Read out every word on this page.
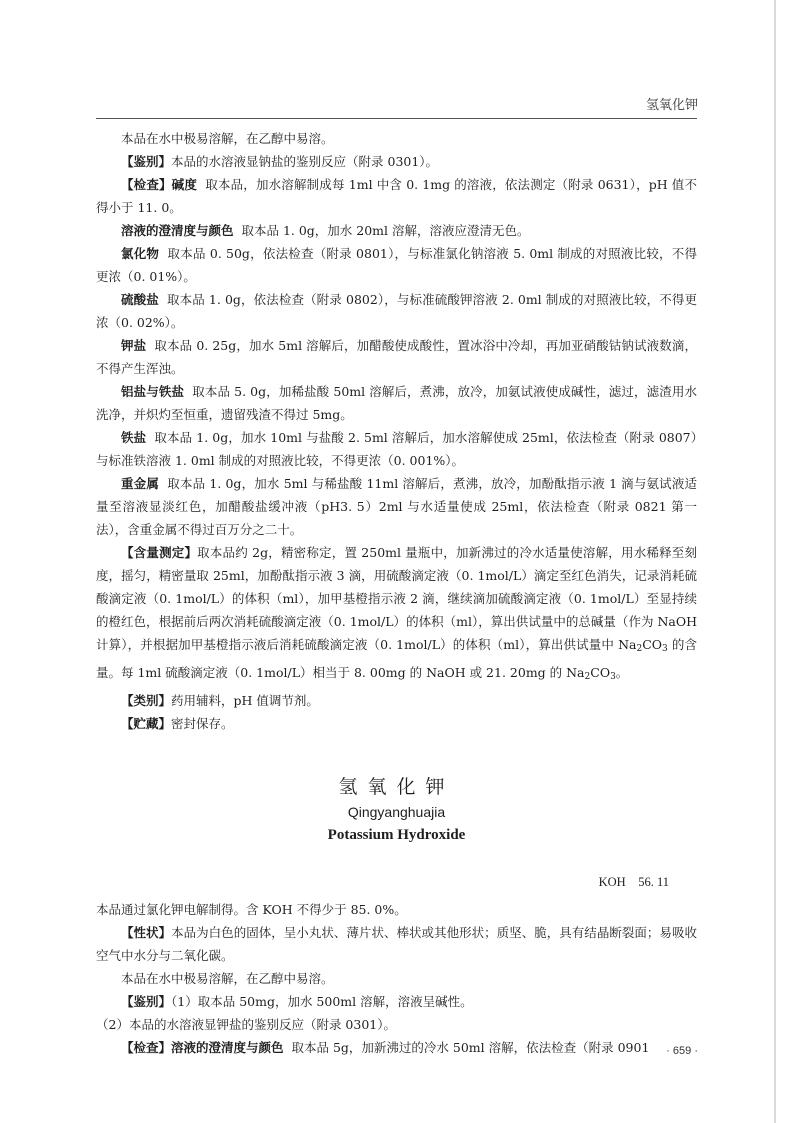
氢氧化钾

本品在水中极易溶解，在乙醇中易溶。

【鉴别】本品的水溶液显钠盐的鉴别反应（附录 0301）。

【检查】碱度 取本品，加水溶解制成每 1ml 中含 0. 1mg 的溶液，依法测定（附录 0631），pH 值不得小于 11. 0。

溶液的澄清度与颜色 取本品 1. 0g，加水 20ml 溶解，溶液应澄清无色。

氯化物 取本品 0. 50g，依法检查（附录 0801），与标准氯化钠溶液 5. 0ml 制成的对照液比较，不得更浓（0. 01%）。

硫酸盐 取本品 1. 0g，依法检查（附录 0802），与标准硫酸钾溶液 2. 0ml 制成的对照液比较，不得更浓（0. 02%）。

钾盐 取本品 0. 25g，加水 5ml 溶解后，加醋酸使成酸性，置冰浴中冷却，再加亚硝酸钴钠试液数滴，不得产生浑浊。

铝盐与铁盐 取本品 5. 0g，加稀盐酸 50ml 溶解后，煮沸，放冷，加氨试液使成碱性，滤过，滤渣用水洗净，并炽灼至恒重，遗留残渣不得过 5mg。

铁盐 取本品 1. 0g，加水 10ml 与盐酸 2. 5ml 溶解后，加水溶解使成 25ml，依法检查（附录 0807）与标准铁溶液 1. 0ml 制成的对照液比较，不得更浓（0. 001%）。

重金属 取本品 1. 0g，加水 5ml 与稀盐酸 11ml 溶解后，煮沸，放冷，加酚酞指示液 1 滴与氨试液适量至溶液显淡红色，加醋酸盐缓冲液（pH3. 5）2ml 与水适量使成 25ml，依法检查（附录 0821 第一法），含重金属不得过百万分之二十。

【含量测定】取本品约 2g，精密称定，置 250ml 量瓶中，加新沸过的冷水适量使溶解，用水稀释至刻度，摇匀，精密量取 25ml，加酚酞指示液 3 滴，用硫酸滴定液（0. 1mol/L）滴定至红色消失，记录消耗硫酸滴定液（0. 1mol/L）的体积（ml），加甲基橙指示液 2 滴，继续滴加硫酸滴定液（0. 1mol/L）至显持续的橙红色，根据前后两次消耗硫酸滴定液（0. 1mol/L）的体积（ml），算出供试量中的总碱量（作为 NaOH 计算），并根据加甲基橙指示液后消耗硫酸滴定液（0. 1mol/L）的体积（ml），算出供试量中 $Na_2CO_3$ 的含量。每 1ml 硫酸滴定液（0. 1mol/L）相当于 8. 00mg 的 NaOH 或 21. 20mg 的 $Na_2CO_3$。

【类别】药用辅料，pH 值调节剂。

【贮藏】密封保存。

氢氧化钾

Qingyanghuajia

Potassium Hydroxide

KOH 56. 11

本品通过氯化钾电解制得。含 KOH 不得少于 85. 0%。

【性状】本品为白色的固体，呈小丸状、薄片状、棒状或其他形状；质坚、脆，具有结晶断裂面；易吸收空气中水分与二氧化碳。

本品在水中极易溶解，在乙醇中易溶。

【鉴别】（1）取本品 50mg，加水 500ml 溶解，溶液呈碱性。

（2）本品的水溶液显钾盐的鉴别反应（附录 0301）。

【检查】溶液的澄清度与颜色 取本品 5g，加新沸过的冷水 50ml 溶解，依法检查（附录 0901	· 659 ·
